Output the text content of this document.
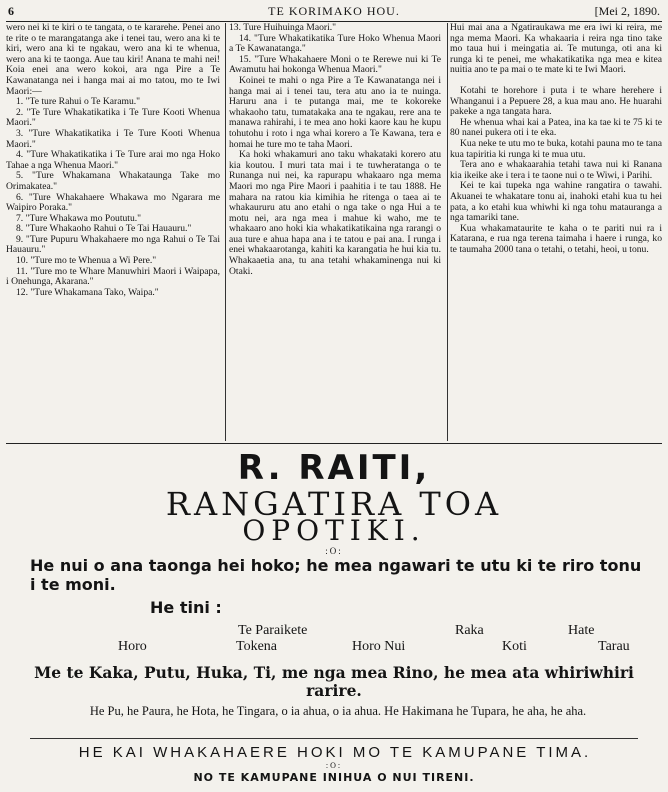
6	TE KORIMAKO HOU.	[Mei 2, 1890.

wero nei ki te kiri o te tangata, o te kararehe. Penei ano te rite o te marangatanga ake i tenei tau, wero ana ki te kiri, wero ana ki te ngakau, wero ana ki te whenua, wero ana ki te taonga. Aue tau kiri! Anana te mahi nei! Koia enei ana wero kokoi, ara nga Pire a Te Kawanatanga nei i hanga mai ai mo tatou, mo te Iwi Maori:—

1. "Te ture Rahui o Te Karamu."

2. "Te Ture Whakatikatika i Te Ture Kooti Whenua Maori."

3. "Ture Whakatikatika i Te Ture Kooti Whenua Maori."

4. "Ture Whakatikatika i Te Ture arai mo nga Hoko Tahae a nga Whenua Maori."

5. "Ture Whakamana Whakataunga Take mo Orimakatea."

6. "Ture Whakahaere Whakawa mo Ngarara me Waipiro Poraka."

7. "Ture Whakawa mo Poututu."

8. "Ture Whakaoho Rahui o Te Tai Hauauru."

9. "Ture Pupuru Whakahaere mo nga Rahui o Te Tai Hauauru."

10. "Ture mo te Whenua a Wi Pere."

11. "Ture mo te Whare Manuwhiri Maori i Waipapa, i Onehunga, Akarana."

12. "Ture Whakamana Tako, Waipa."

13. Ture Huihuinga Maori."

14. "Ture Whakatikatika Ture Hoko Whenua Maori a Te Kawanatanga."

15. "Ture Whakahaere Moni o te Rerewe nui ki Te Awamutu hai hokonga Whenua Maori."

Koinei te mahi o nga Pire a Te Kawanatanga nei i hanga mai ai i tenei tau, tera atu ano ia te nuinga. Haruru ana i te putanga mai, me te kokoreke whakaoho tatu, tumatakaka ana te ngakau, rere ana te manawa rahirahi, i te mea ano hoki kaore kau he kupu tohutohu i roto i nga whai korero a Te Kawana, tera e homai he ture mo te taha Maori.

Ka hoki whakamuri ano taku whakataki korero atu kia koutou. I muri tata mai i te tuwheratanga o te Runanga nui nei, ka rapurapu whakaaro nga mema Maori mo nga Pire Maori i paahitia i te tau 1888. He mahara na ratou kia kimihia he ritenga o taea ai te whakaururu atu ano etahi o nga take o nga Hui a te motu nei, ara nga mea i mahue ki waho, me te whakaaro ano hoki kia whakatikatikaina nga rarangi o aua ture e ahua hapa ana i te tatou e pai ana. I runga i enei whakaarotanga, kahiti ka karangatia he hui kia tu. Whakaaetia ana, tu ana tetahi whakaminenga nui ki Otaki.

Hui mai ana a Ngatiraukawa me era iwi ki reira, me nga mema Maori. Ka whakaaria i reira nga tino take mo taua hui i meingatia ai. Te mutunga, oti ana ki runga ki te penei, me whakatikatika nga mea e kitea nuitia ano te pa mai o te mate ki te Iwi Maori.

Kotahi te horehore i puta i te whare herehere i Whanganui i a Pepuere 28, a kua mau ano. He huarahi pakeke a nga tangata hara.

He whenua whai kai a Patea, ina ka tae ki te 75 ki te 80 nanei pukera oti i te eka.

Kua neke te utu mo te buka, kotahi pauna mo te tana kua tapiritia ki runga ki te mua utu.

Tera ano e whakaarahia tetahi tawa nui ki Ranana kia ikeike ake i tera i te taone nui o te Wiwi, i Parihi.

Kei te kai tupeka nga wahine rangatira o tawahi. Akuanei te whakatare tonu ai, inahoki etahi kua tu hei pata, a ko etahi kua whiwhi ki nga tohu matauranga a nga tamariki tane.

Kua whakamataurite te kaha o te pariti nui ra i Katarana, e rua nga terena taimaha i haere i runga, ko te taumaha 2000 tana o tetahi, o tetahi, heoi, u tonu.

R. RAITI,
RANGATIRA TOA
OPOTIKI.
:O:
He nui o ana taonga hei hoko; he mea ngawari te utu ki te riro tonu i te moni.
He tini :
Te Paraikete	Raka	Hate
Horo	Tokena	Horo Nui	Koti	Tarau
Me te Kaka, Putu, Huka, Ti, me nga mea Rino, he mea ata whiriwhiri rarire.
He Pu, he Paura, he Hota, he Tingara, o ia ahua, o ia ahua. He Hakimana he Tupara, he aha, he aha.
HE KAI WHAKAHAERE HOKI MO TE KAMUPANE TIMA.
:O:
NO TE KAMUPANE INIHUA O NUI TIRENI.
